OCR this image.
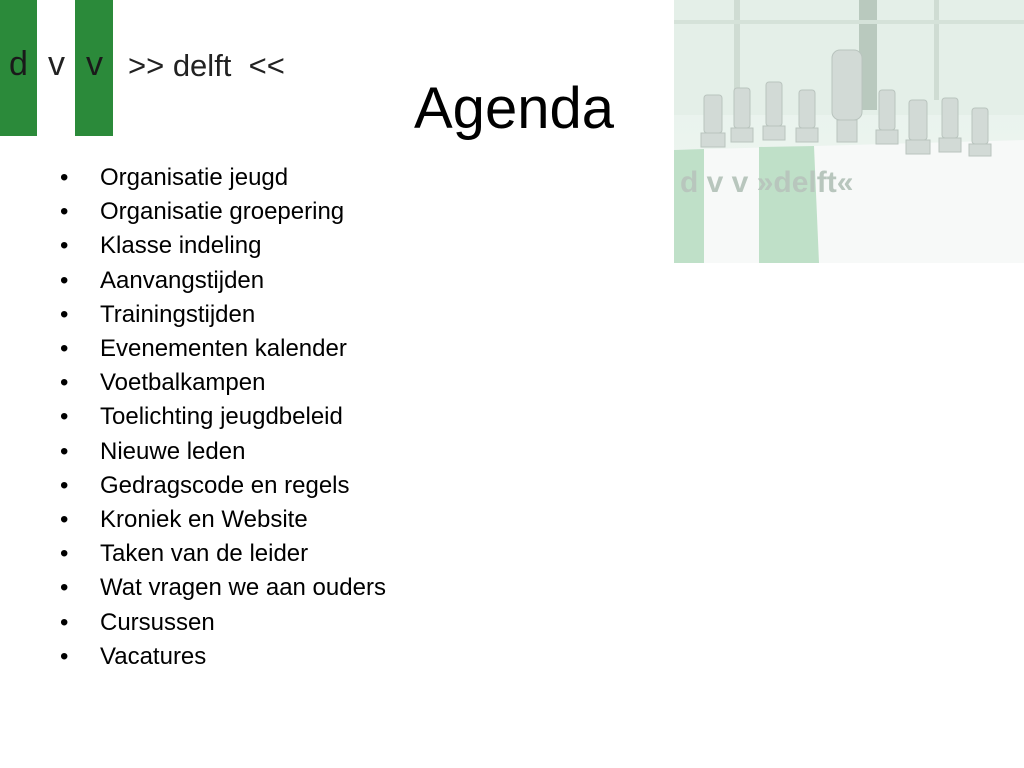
d v v >> delft  <<
Agenda
d v v »delft«
•	Organisatie jeugd
•	Organisatie groepering
•	Klasse indeling
•	Aanvangstijden
•	Trainingstijden
•	Evenementen kalender
•	Voetbalkampen
•	Toelichting jeugdbeleid
•	Nieuwe leden
•	Gedragscode en regels
•	Kroniek en Website
•	Taken van de leider
•	Wat vragen we aan ouders
•	Cursussen
•	Vacatures
